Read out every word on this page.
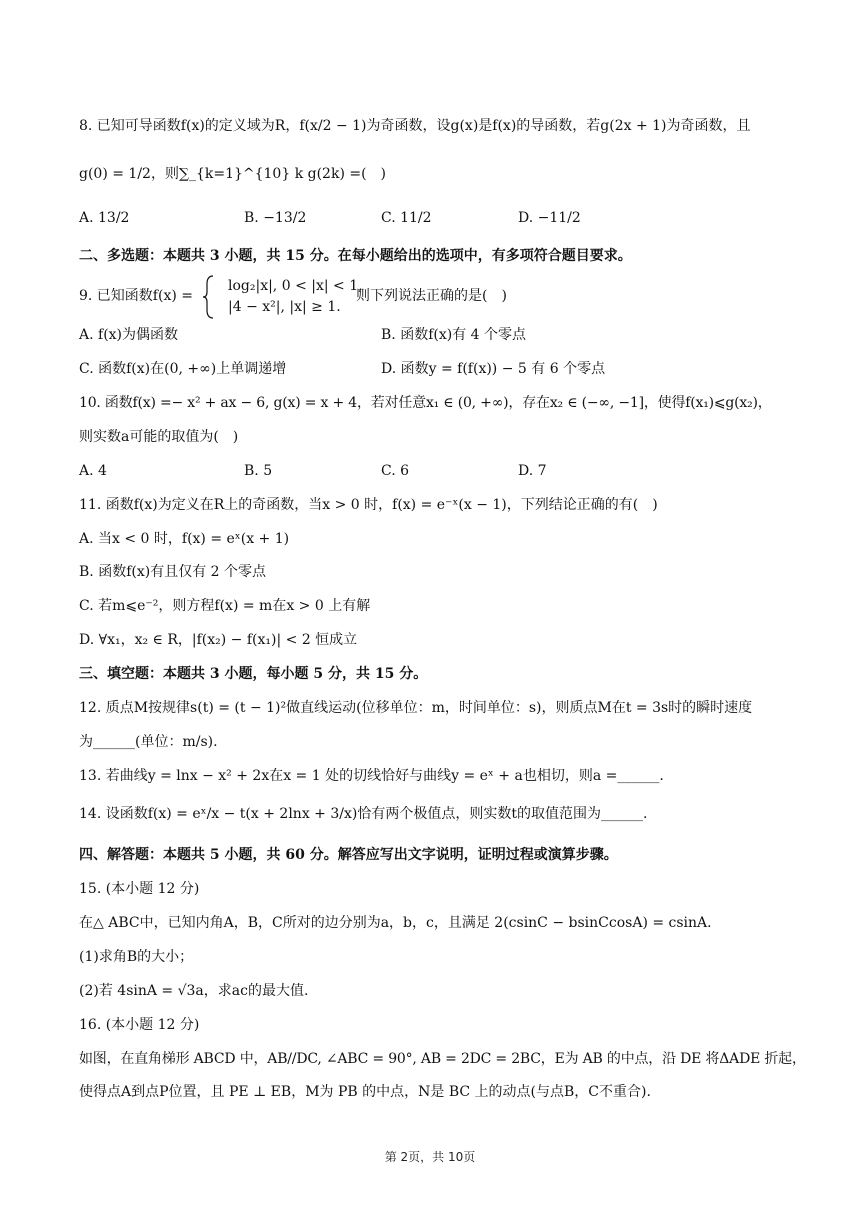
8. 已知可导函数f(x)的定义域为R，f(x/2 − 1)为奇函数，设g(x)是f(x)的导函数，若g(2x + 1)为奇函数，且
g(0) = 1/2，则∑_{k=1}^{10} k g(2k) =(　)
A. 13/2	B. −13/2	C. 11/2	D. −11/2
二、多选题：本题共 3 小题，共 15 分。在每小题给出的选项中，有多项符合题目要求。
9. 已知函数f(x) =
log₂|x|, 0 < |x| < 1,
|4 − x²|, |x| ≥ 1.
则下列说法正确的是(　)
A. f(x)为偶函数	B. 函数f(x)有 4 个零点
C. 函数f(x)在(0, +∞)上单调递增	D. 函数y = f(f(x)) − 5 有 6 个零点
10. 函数f(x) =− x² + ax − 6, g(x) = x + 4，若对任意x₁ ∈ (0, +∞)，存在x₂ ∈ (−∞, −1]，使得f(x₁)⩽g(x₂)，
则实数a可能的取值为(　)
A. 4	B. 5	C. 6	D. 7
11. 函数f(x)为定义在R上的奇函数，当x > 0 时，f(x) = e⁻ˣ(x − 1)，下列结论正确的有(　)
A. 当x < 0 时，f(x) = eˣ(x + 1)
B. 函数f(x)有且仅有 2 个零点
C. 若m⩽e⁻²，则方程f(x) = m在x > 0 上有解
D. ∀x₁，x₂ ∈ R，|f(x₂) − f(x₁)| < 2 恒成立
三、填空题：本题共 3 小题，每小题 5 分，共 15 分。
12. 质点M按规律s(t) = (t − 1)²做直线运动(位移单位：m，时间单位：s)，则质点M在t = 3s时的瞬时速度
为______(单位：m/s).
13. 若曲线y = lnx − x² + 2x在x = 1 处的切线恰好与曲线y = eˣ + a也相切，则a =______.
14. 设函数f(x) = eˣ/x − t(x + 2lnx + 3/x)恰有两个极值点，则实数t的取值范围为______.
四、解答题：本题共 5 小题，共 60 分。解答应写出文字说明，证明过程或演算步骤。
15. (本小题 12 分)
在△ ABC中，已知内角A，B，C所对的边分别为a，b，c，且满足 2(csinC − bsinCcosA) = csinA.
(1)求角B的大小；
(2)若 4sinA = √3a，求ac的最大值.
16. (本小题 12 分)
如图，在直角梯形 ABCD 中，AB//DC, ∠ABC = 90°, AB = 2DC = 2BC，E为 AB 的中点，沿 DE 将ΔADE 折起，
使得点A到点P位置，且 PE ⊥ EB，M为 PB 的中点，N是 BC 上的动点(与点B，C不重合).
第 2页，共 10页
